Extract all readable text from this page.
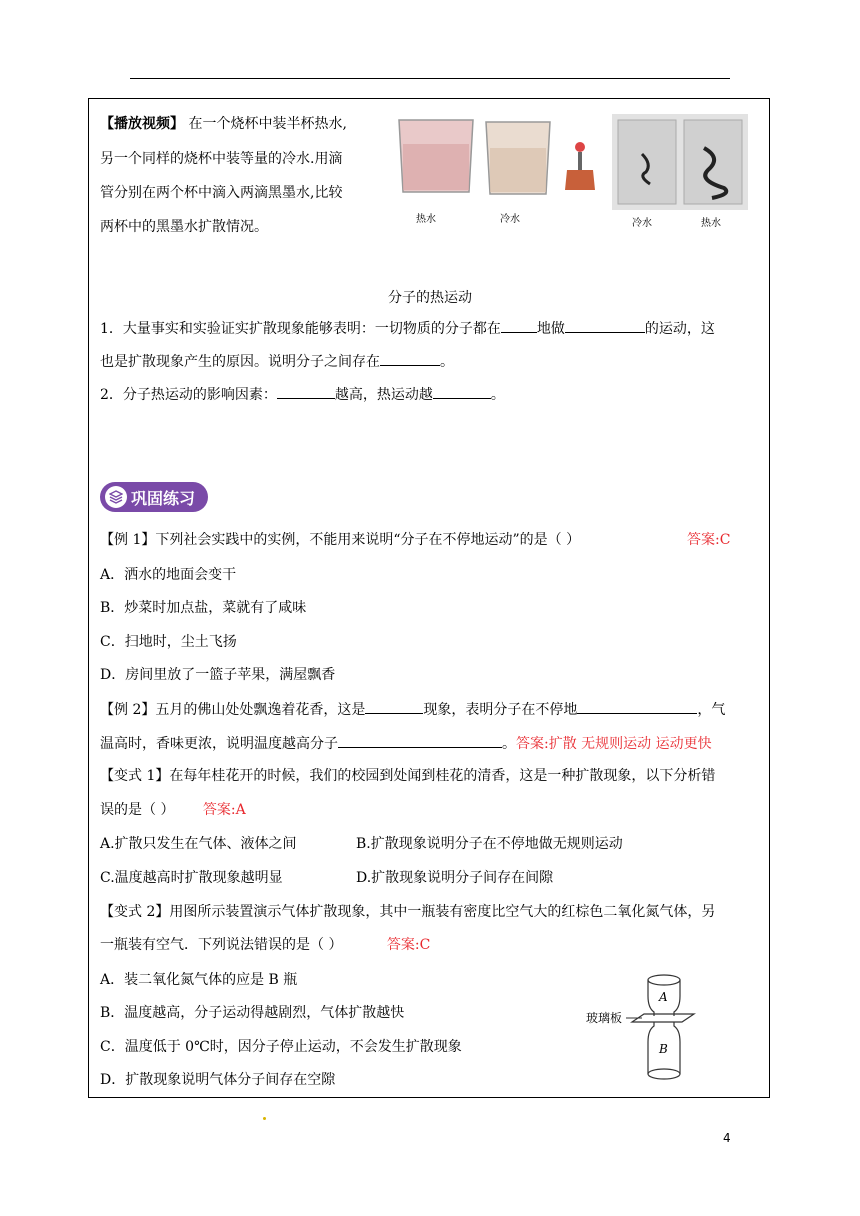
【播放视频】 在一个烧杯中装半杯热水,
另一个同样的烧杯中装等量的冷水.用滴
管分别在两个杯中滴入两滴黑墨水,比较
两杯中的黑墨水扩散情况。	热水	冷水	冷水	热水
分子的热运动
1．大量事实和实验证实扩散现象能够表明：一切物质的分子都在	地做	的运动，这
也是扩散现象产生的原因。说明分子之间存在	。
2．分子热运动的影响因素：	越高，热运动越	。
巩固练习
【例 1】下列社会实践中的实例，不能用来说明“分子在不停地运动”的是（ ）	答案:C
A．洒水的地面会变干
B．炒菜时加点盐，菜就有了咸味
C．扫地时，尘土飞扬
D．房间里放了一篮子苹果，满屋飘香
【例 2】五月的佛山处处飘逸着花香，这是	现象，表明分子在不停地	，气
温高时，香味更浓，说明温度越高分子	。答案:扩散 无规则运动 运动更快
【变式 1】在每年桂花开的时候，我们的校园到处闻到桂花的清香，这是一种扩散现象，以下分析错
误的是（ ） 答案:A
A.扩散只发生在气体、液体之间	B.扩散现象说明分子在不停地做无规则运动
C.温度越高时扩散现象越明显	D.扩散现象说明分子间存在间隙
【变式 2】用图所示装置演示气体扩散现象，其中一瓶装有密度比空气大的红棕色二氧化氮气体，另
一瓶装有空气．下列说法错误的是（ ）	答案:C
A．装二氧化氮气体的应是 B 瓶
B．温度越高，分子运动得越剧烈，气体扩散越快
C．温度低于 0℃时，因分子停止运动，不会发生扩散现象
D．扩散现象说明气体分子间存在空隙
A
B
玻璃板
4
